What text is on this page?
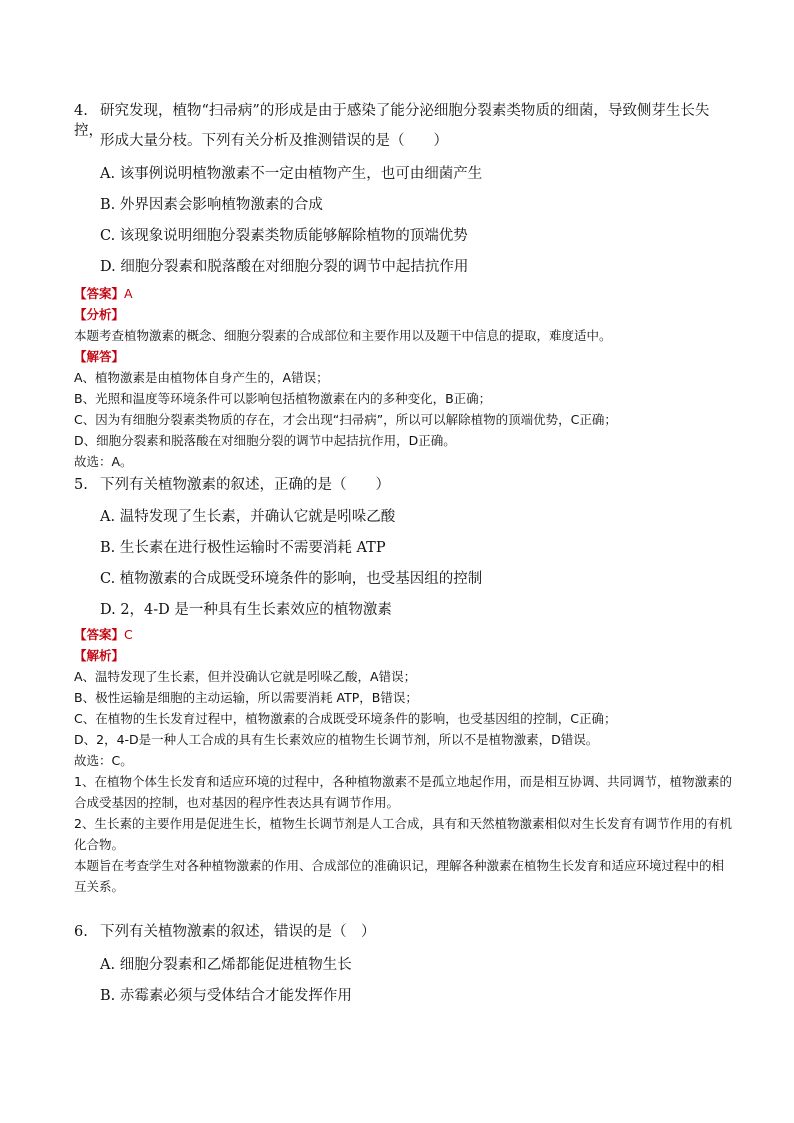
4. 研究发现，植物“扫帚病”的形成是由于感染了能分泌细胞分裂素类物质的细菌，导致侧芽生长失控，
形成大量分枝。下列有关分析及推测错误的是（　　）
A. 该事例说明植物激素不一定由植物产生，也可由细菌产生
B. 外界因素会影响植物激素的合成
C. 该现象说明细胞分裂素类物质能够解除植物的顶端优势
D. 细胞分裂素和脱落酸在对细胞分裂的调节中起拮抗作用
【答案】A
【分析】
本题考查植物激素的概念、细胞分裂素的合成部位和主要作用以及题干中信息的提取，难度适中。
【解答】
A、植物激素是由植物体自身产生的，A错误；
B、光照和温度等环境条件可以影响包括植物激素在内的多种变化，B正确；
C、因为有细胞分裂素类物质的存在，才会出现“扫帚病”，所以可以解除植物的顶端优势，C正确；
D、细胞分裂素和脱落酸在对细胞分裂的调节中起拮抗作用，D正确。
故选：A。
5. 下列有关植物激素的叙述，正确的是（　　）
A. 温特发现了生长素，并确认它就是吲哚乙酸
B. 生长素在进行极性运输时不需要消耗 ATP
C. 植物激素的合成既受环境条件的影响，也受基因组的控制
D. 2，4-D 是一种具有生长素效应的植物激素
【答案】C
【解析】
A、温特发现了生长素，但并没确认它就是吲哚乙酸，A错误；
B、极性运输是细胞的主动运输，所以需要消耗 ATP，B错误；
C、在植物的生长发育过程中，植物激素的合成既受环境条件的影响，也受基因组的控制，C正确；
D、2，4-D是一种人工合成的具有生长素效应的植物生长调节剂，所以不是植物激素，D错误。
故选：C。
1、在植物个体生长发育和适应环境的过程中，各种植物激素不是孤立地起作用，而是相互协调、共同调节，植物激素的合成受基因的控制，也对基因的程序性表达具有调节作用。
2、生长素的主要作用是促进生长，植物生长调节剂是人工合成，具有和天然植物激素相似对生长发育有调节作用的有机化合物。
本题旨在考查学生对各种植物激素的作用、合成部位的准确识记，理解各种激素在植物生长发育和适应环境过程中的相互关系。
6. 下列有关植物激素的叙述，错误的是（　）
A. 细胞分裂素和乙烯都能促进植物生长
B. 赤霉素必须与受体结合才能发挥作用
